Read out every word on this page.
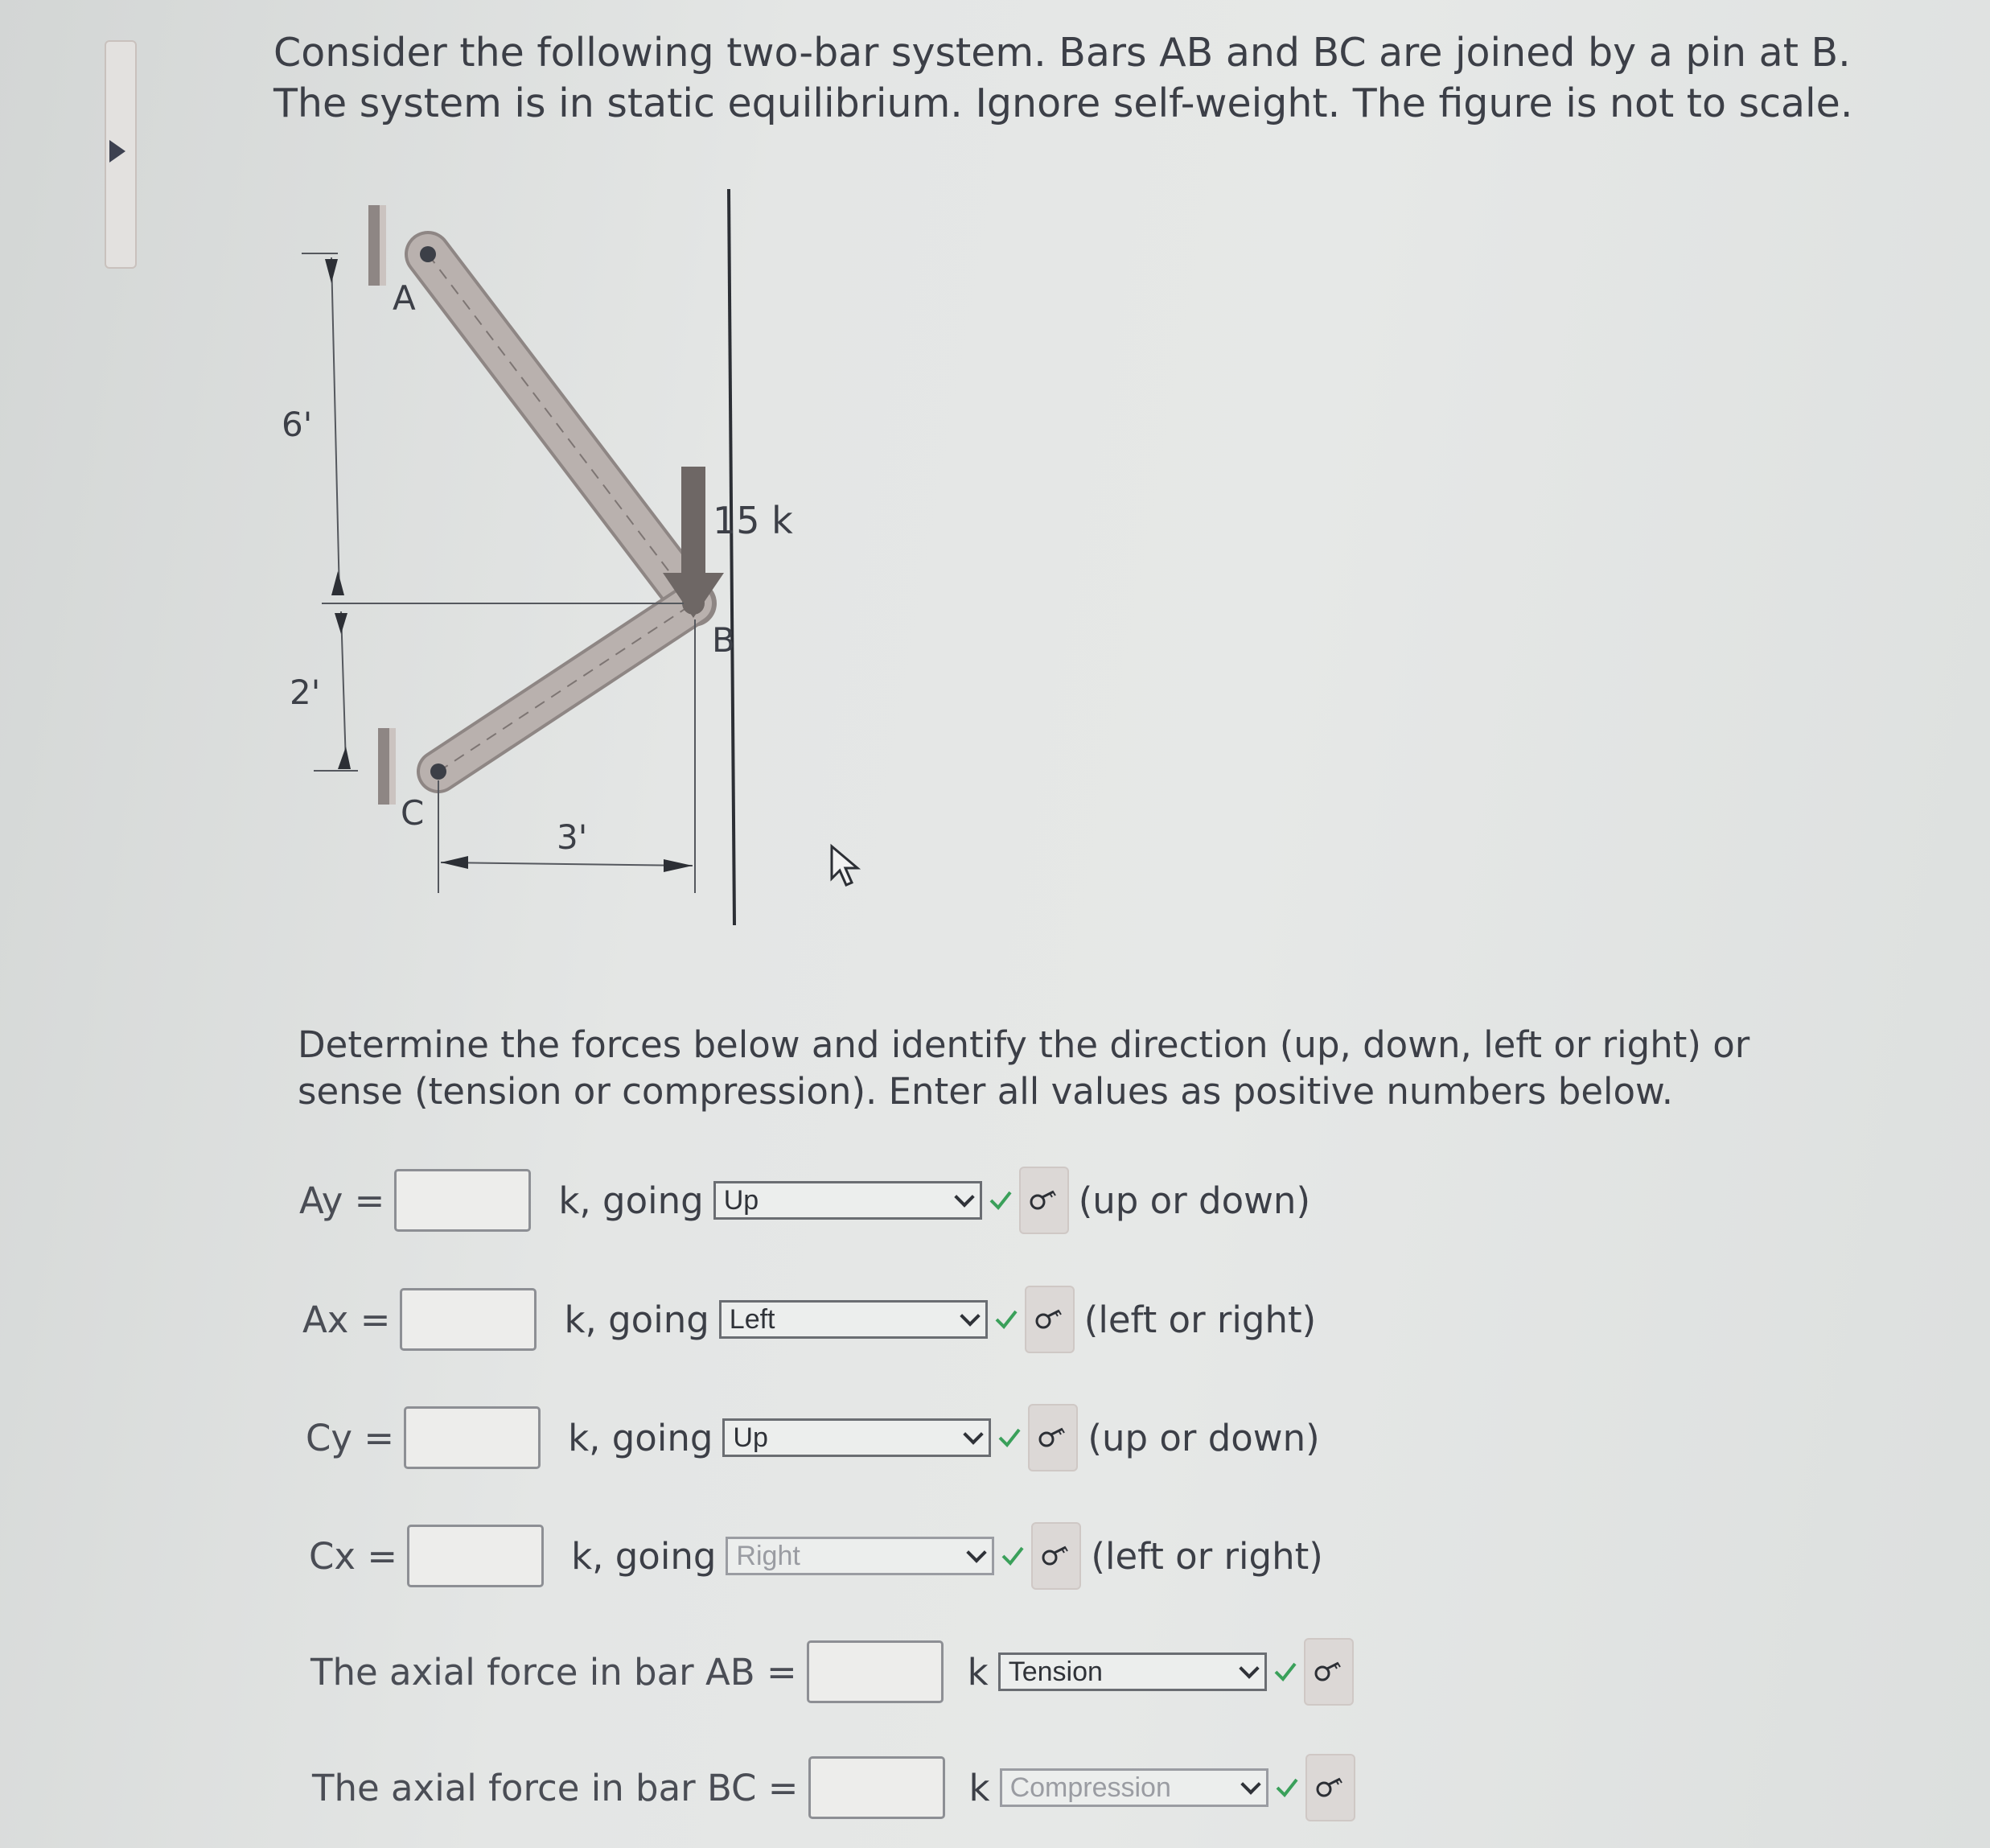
Consider the following two-bar system. Bars AB and BC are joined by a pin at B. The system is in static equilibrium. Ignore self-weight. The figure is not to scale.
A
B
C
6'
2'
3'
15 k
Determine the forces below and identify the direction (up, down, left or right) or sense (tension or compression). Enter all values as positive numbers below.
Ay =	k, going Up	(up or down)
Ax =	k, going Left	(left or right)
Cy =	k, going Up	(up or down)
Cx =	k, going Right	(left or right)
The axial force in bar AB =	k Tension
The axial force in bar BC =	k Compression
